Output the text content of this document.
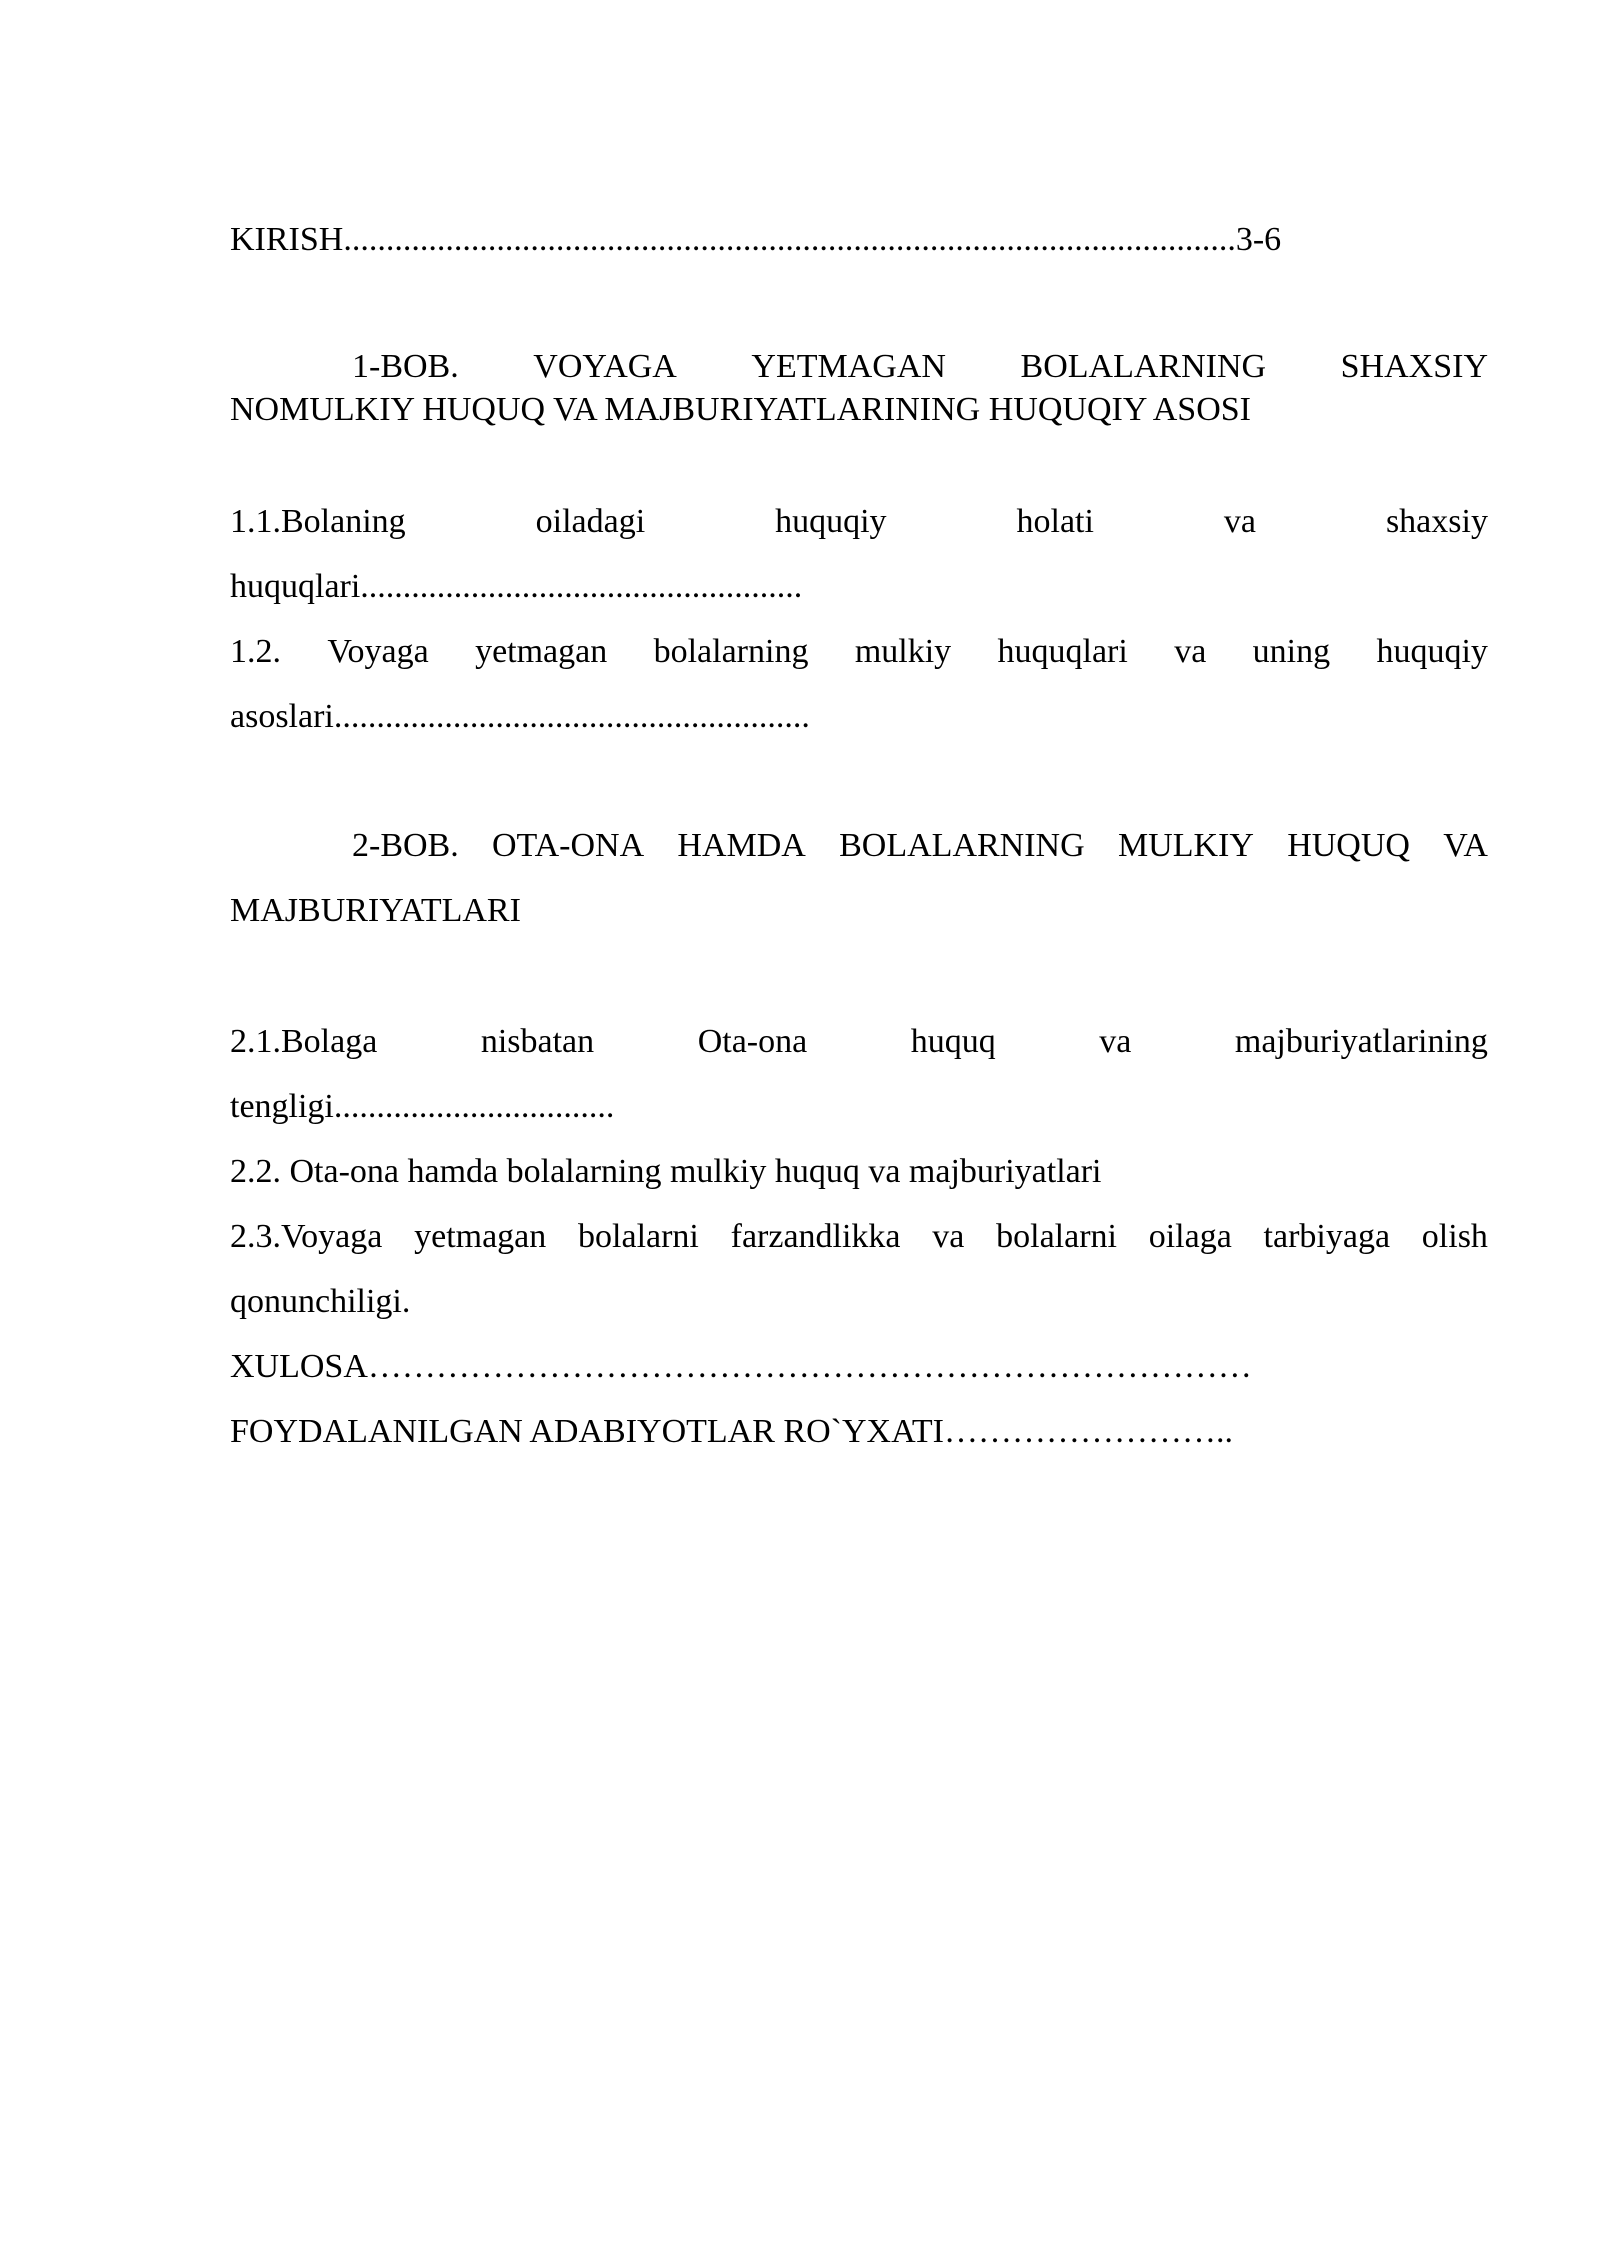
KIRISH.........................................................................................................3-6
1-BOB. VOYAGA YETMAGAN BOLALARNING SHAXSIY
NOMULKIY HUQUQ VA MAJBURIYATLARINING HUQUQIY ASOSI
1.1.Bolaning	oiladagi	huquqiy	holati	va	shaxsiy
huquqlari....................................................
1.2. Voyaga yetmagan bolalarning mulkiy huquqlari va uning huquqiy
asoslari........................................................
2-BOB. OTA-ONA HAMDA BOLALARNING MULKIY HUQUQ VA
MAJBURIYATLARI
2.1.Bolaga	nisbatan	Ota-ona	huquq	va	majburiyatlarining
tengligi.................................
2.2. Ota-ona hamda bolalarning mulkiy huquq va majburiyatlari
2.3.Voyaga yetmagan bolalarni farzandlikka va bolalarni oilaga tarbiyaga olish
qonunchiligi.
XULOSA……………………………………………………………………
FOYDALANILGAN ADABIYOTLAR RO`YXATI……………………..
